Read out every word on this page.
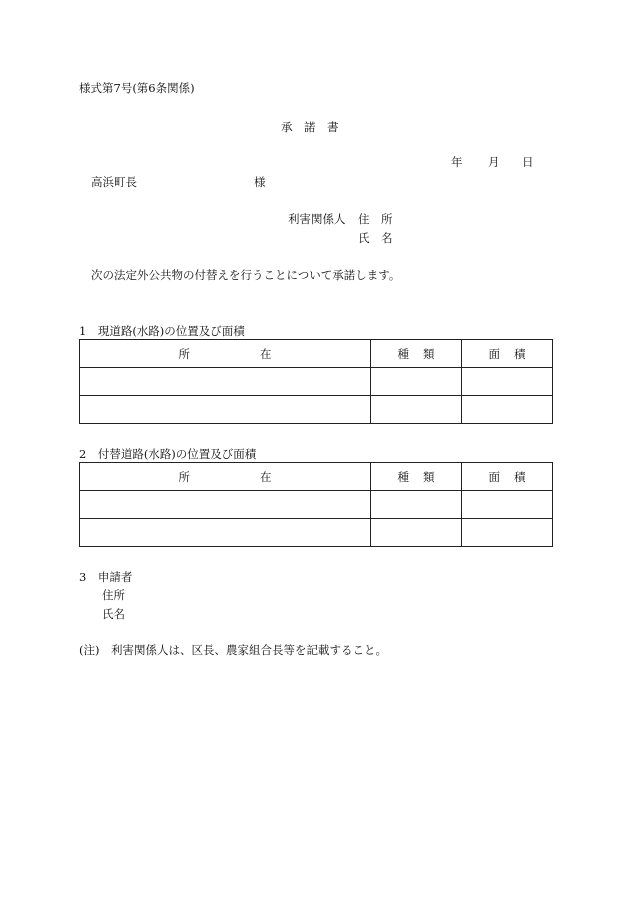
様式第7号(第6条関係)
承　諾　書
年 月 日
高浜町長	様
利害関係人 住　所
氏　名
次の法定外公共物の付替えを行うことについて承諾します。
1　現道路(水路)の位置及び面積
所 在	種 類	面 積

2　付替道路(水路)の位置及び面積
所 在	種 類	面 積

3　申請者
住所
氏名
(注)　利害関係人は、区長、農家組合長等を記載すること。
